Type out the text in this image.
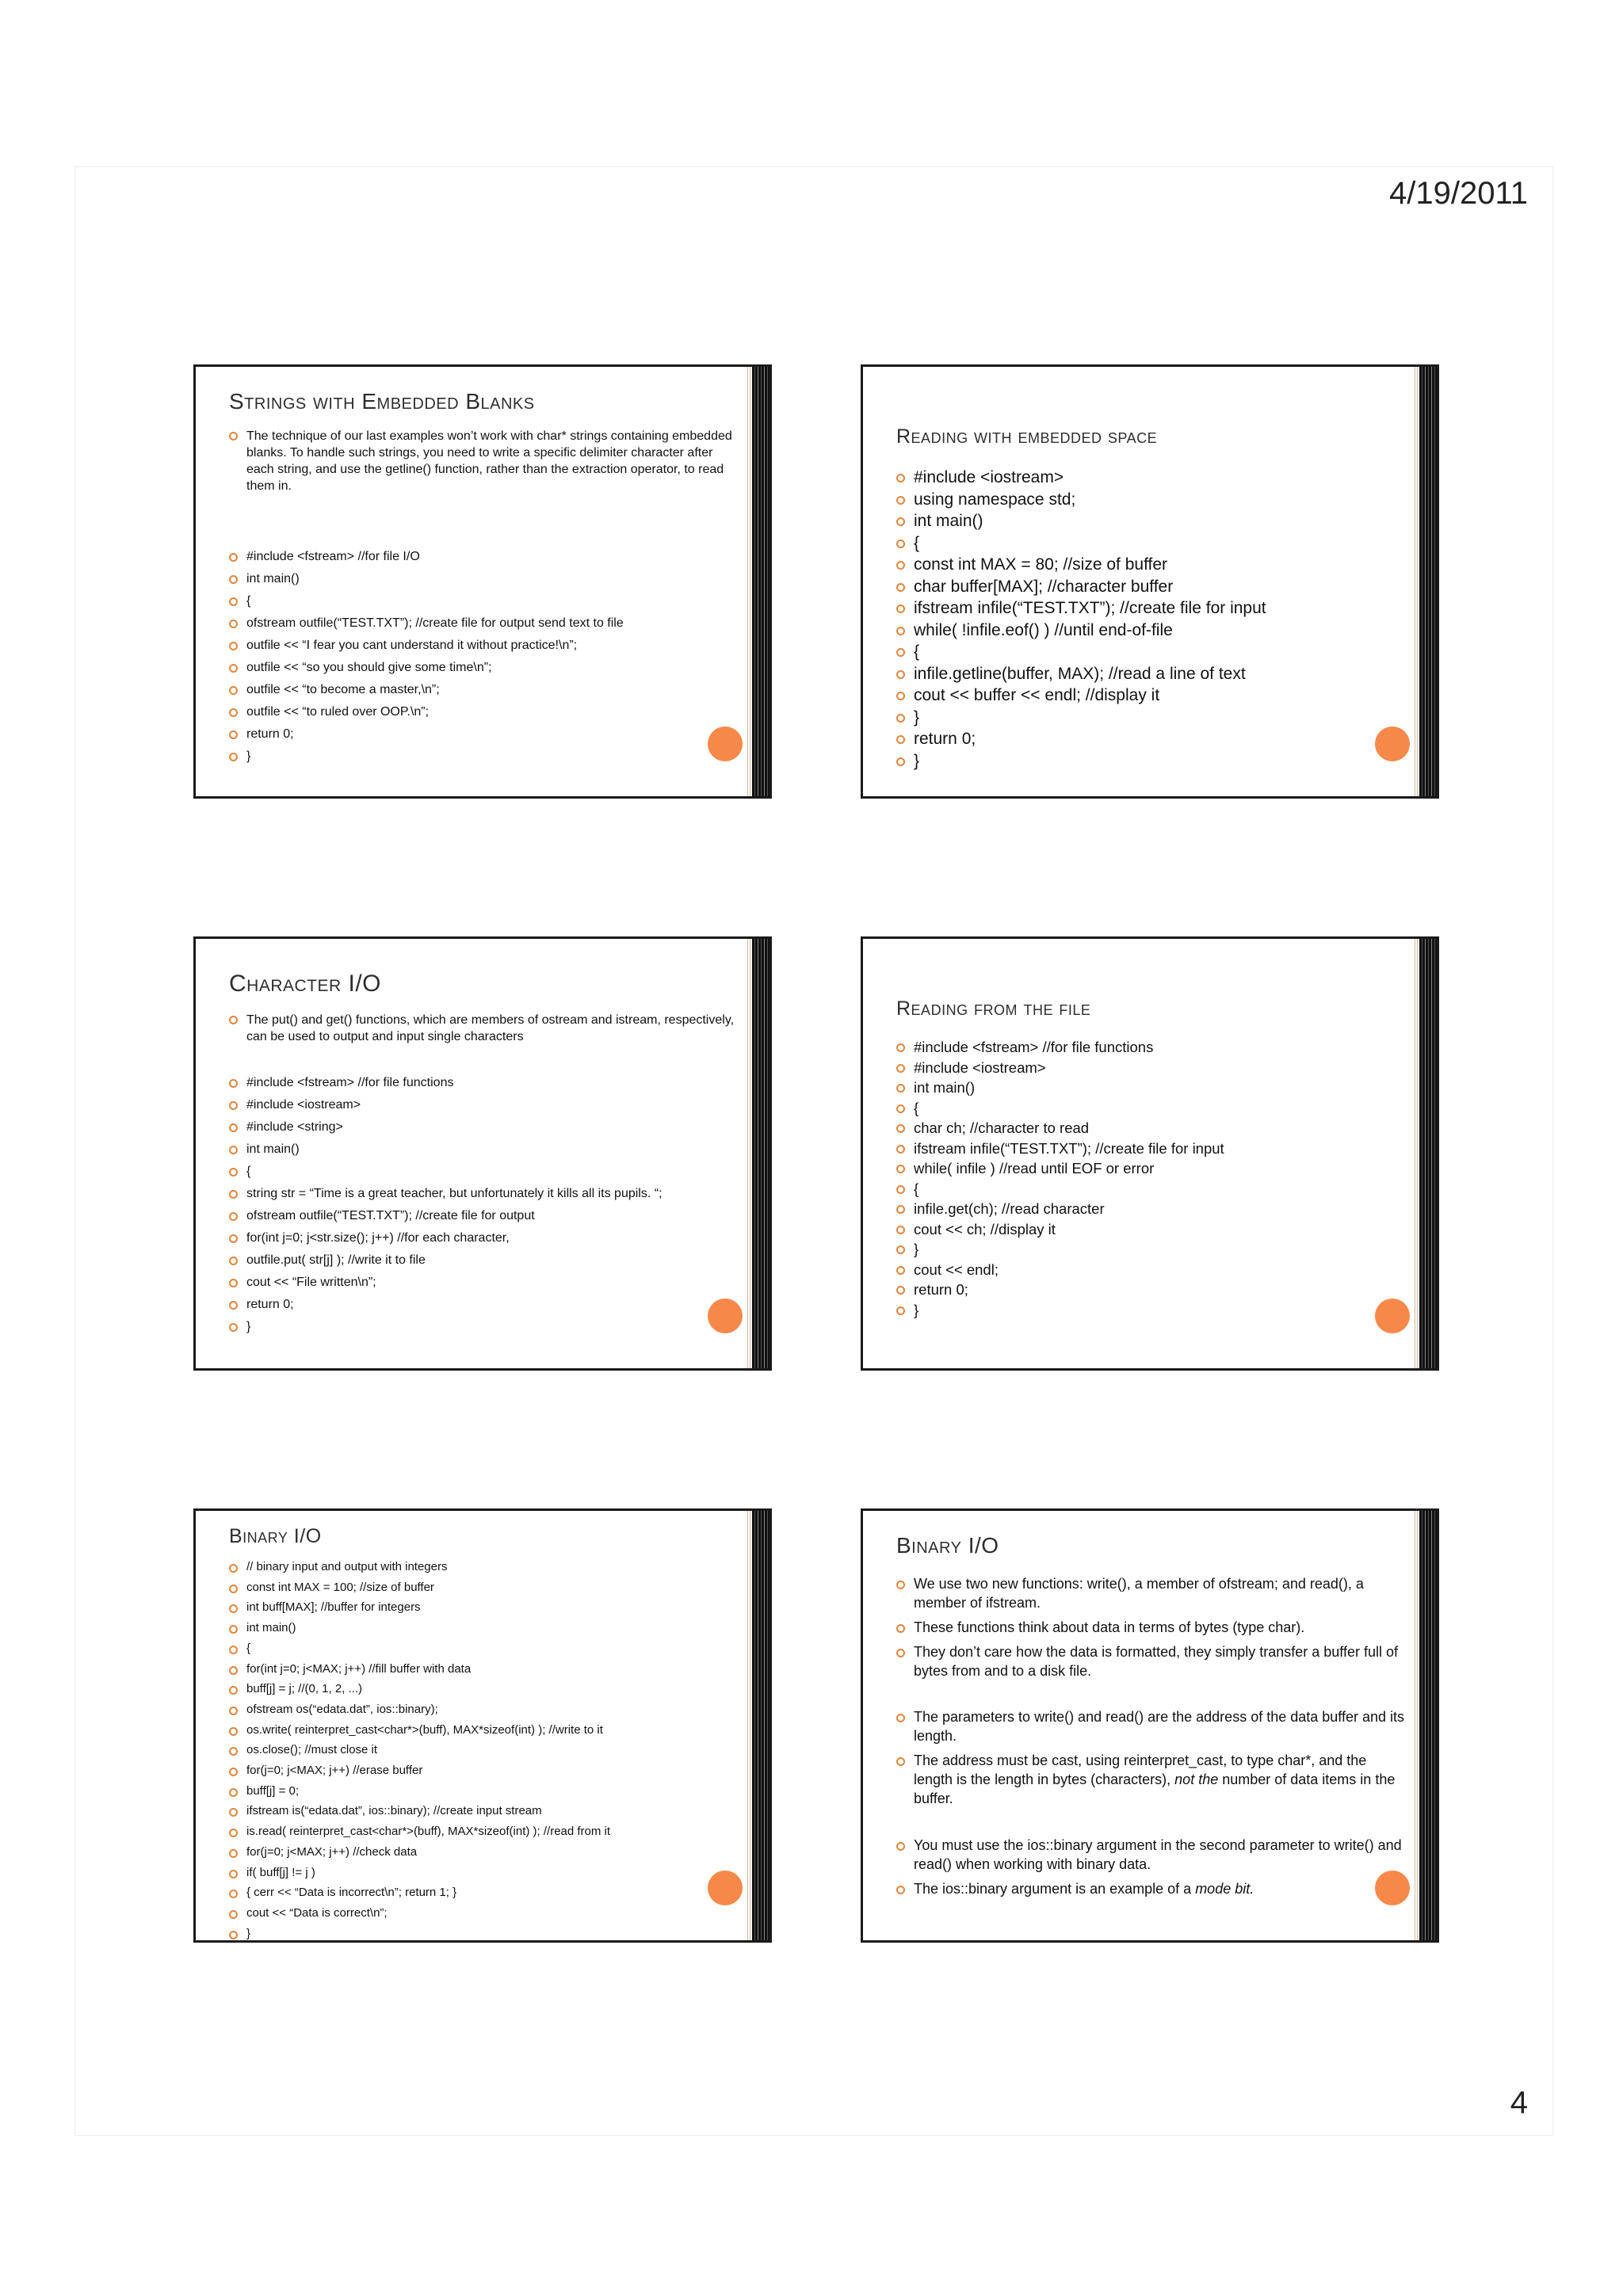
4/19/2011
4
Strings with Embedded Blanks
The technique of our last examples won’t work with char* strings containing embedded blanks. To handle such strings, you need to write a specific delimiter character after each string, and use the getline() function, rather than the extraction operator, to read them in.
#include <fstream> //for file I/O
int main()
{
ofstream outfile(“TEST.TXT”); //create file for output send text to file
outfile << “I fear you cant understand it without practice!\n”;
outfile << “so you should give some time\n”;
outfile << “to become a master,\n”;
outfile << “to ruled over OOP.\n”;
return 0;
}
Reading with embedded space
#include <iostream>
using namespace std;
int main()
{
const int MAX = 80; //size of buffer
char buffer[MAX]; //character buffer
ifstream infile(“TEST.TXT”); //create file for input
while( !infile.eof() ) //until end-of-file
{
infile.getline(buffer, MAX); //read a line of text
cout << buffer << endl; //display it
}
return 0;
}
Character I/O
The put() and get() functions, which are members of ostream and istream, respectively, can be used to output and input single characters
#include <fstream> //for file functions
#include <iostream>
#include <string>
int main()
{
string str = “Time is a great teacher, but unfortunately it kills all its pupils. “;
ofstream outfile(“TEST.TXT”); //create file for output
for(int j=0; j<str.size(); j++) //for each character,
outfile.put( str[j] ); //write it to file
cout << “File written\n”;
return 0;
}
Reading from the file
#include <fstream> //for file functions
#include <iostream>
int main()
{
char ch; //character to read
ifstream infile(“TEST.TXT”); //create file for input
while( infile ) //read until EOF or error
{
infile.get(ch); //read character
cout << ch; //display it
}
cout << endl;
return 0;
}
Binary I/O
// binary input and output with integers
const int MAX = 100; //size of buffer
int buff[MAX]; //buffer for integers
int main()
{
for(int j=0; j<MAX; j++) //fill buffer with data
buff[j] = j; //(0, 1, 2, ...)
ofstream os(“edata.dat”, ios::binary);
os.write( reinterpret_cast<char*>(buff), MAX*sizeof(int) ); //write to it
os.close(); //must close it
for(j=0; j<MAX; j++) //erase buffer
buff[j] = 0;
ifstream is(“edata.dat”, ios::binary); //create input stream
is.read( reinterpret_cast<char*>(buff), MAX*sizeof(int) ); //read from it
for(j=0; j<MAX; j++) //check data
if( buff[j] != j )
{ cerr << “Data is incorrect\n”; return 1; }
cout << “Data is correct\n”;
}
Binary I/O
We use two new functions: write(), a member of ofstream; and read(), a member of ifstream.
These functions think about data in terms of bytes (type char).
They don’t care how the data is formatted, they simply transfer a buffer full of bytes from and to a disk file.
The parameters to write() and read() are the address of the data buffer and its length.
The address must be cast, using reinterpret_cast, to type char*, and the length is the length in bytes (characters), not the number of data items in the buffer.
You must use the ios::binary argument in the second parameter to write() and read() when working with binary data.
The ios::binary argument is an example of a mode bit.
